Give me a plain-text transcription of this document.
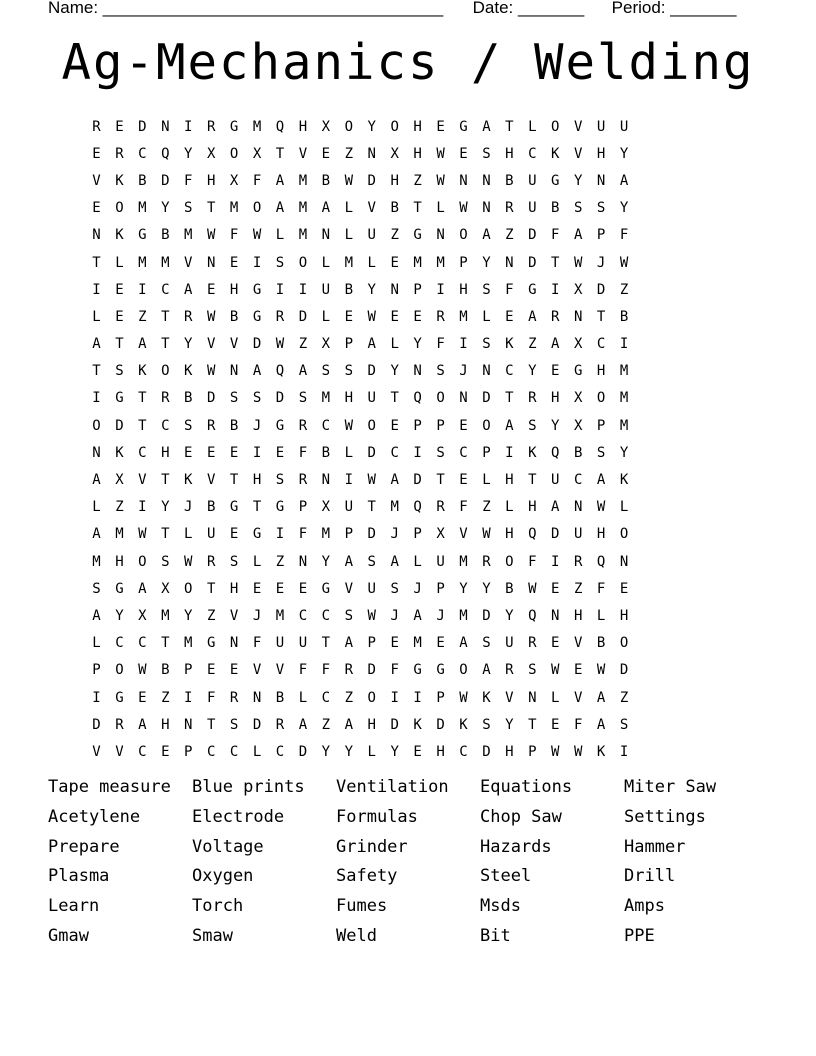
Name: ____________________________________ Date: _______ Period: _______
Ag-Mechanics / Welding
R	E	D	N	I	R	G	M	Q	H	X	O	Y	O	H	E	G	A	T	L	O	V	U	U
E	R	C	Q	Y	X	O	X	T	V	E	Z	N	X	H	W	E	S	H	C	K	V	H	Y
V	K	B	D	F	H	X	F	A	M	B	W	D	H	Z	W	N	N	B	U	G	Y	N	A
E	O	M	Y	S	T	M	O	A	M	A	L	V	B	T	L	W	N	R	U	B	S	S	Y
N	K	G	B	M	W	F	W	L	M	N	L	U	Z	G	N	O	A	Z	D	F	A	P	F
T	L	M	M	V	N	E	I	S	O	L	M	L	E	M	M	P	Y	N	D	T	W	J	W
I	E	I	C	A	E	H	G	I	I	U	B	Y	N	P	I	H	S	F	G	I	X	D	Z
L	E	Z	T	R	W	B	G	R	D	L	E	W	E	E	R	M	L	E	A	R	N	T	B
A	T	A	T	Y	V	V	D	W	Z	X	P	A	L	Y	F	I	S	K	Z	A	X	C	I
T	S	K	O	K	W	N	A	Q	A	S	S	D	Y	N	S	J	N	C	Y	E	G	H	M
I	G	T	R	B	D	S	S	D	S	M	H	U	T	Q	O	N	D	T	R	H	X	O	M
O	D	T	C	S	R	B	J	G	R	C	W	O	E	P	P	E	O	A	S	Y	X	P	M
N	K	C	H	E	E	E	I	E	F	B	L	D	C	I	S	C	P	I	K	Q	B	S	Y
A	X	V	T	K	V	T	H	S	R	N	I	W	A	D	T	E	L	H	T	U	C	A	K
L	Z	I	Y	J	B	G	T	G	P	X	U	T	M	Q	R	F	Z	L	H	A	N	W	L
A	M	W	T	L	U	E	G	I	F	M	P	D	J	P	X	V	W	H	Q	D	U	H	O
M	H	O	S	W	R	S	L	Z	N	Y	A	S	A	L	U	M	R	O	F	I	R	Q	N
S	G	A	X	O	T	H	E	E	E	G	V	U	S	J	P	Y	Y	B	W	E	Z	F	E
A	Y	X	M	Y	Z	V	J	M	C	C	S	W	J	A	J	M	D	Y	Q	N	H	L	H
L	C	C	T	M	G	N	F	U	U	T	A	P	E	M	E	A	S	U	R	E	V	B	O
P	O	W	B	P	E	E	V	V	F	F	R	D	F	G	G	O	A	R	S	W	E	W	D
I	G	E	Z	I	F	R	N	B	L	C	Z	O	I	I	P	W	K	V	N	L	V	A	Z
D	R	A	H	N	T	S	D	R	A	Z	A	H	D	K	D	K	S	Y	T	E	F	A	S
V	V	C	E	P	C	C	L	C	D	Y	Y	L	Y	E	H	C	D	H	P	W	W	K	I
Tape measure	Blue prints	Ventilation	Equations	Miter Saw
Acetylene	Electrode	Formulas	Chop Saw	Settings
Prepare	Voltage	Grinder	Hazards	Hammer
Plasma	Oxygen	Safety	Steel	Drill
Learn	Torch	Fumes	Msds	Amps
Gmaw	Smaw	Weld	Bit	PPE
